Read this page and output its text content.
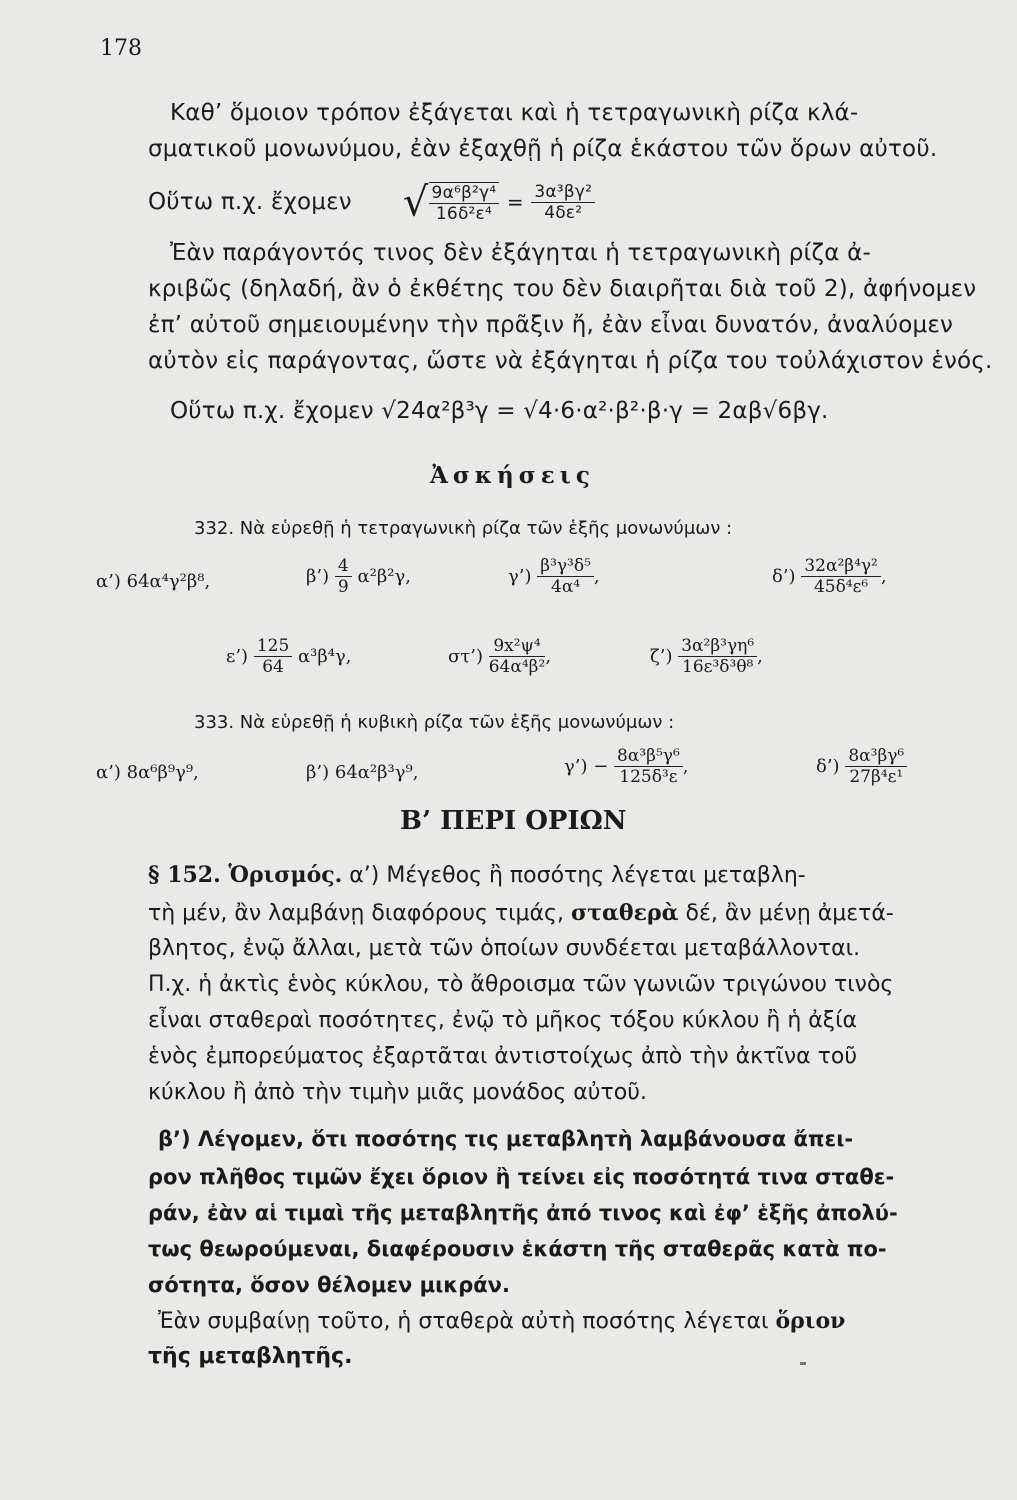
178
Καθ’ ὅμοιον τρόπον ἐξάγεται καὶ ἡ τετραγωνικὴ ρίζα κλά-
σματικοῦ μονωνύμου, ἐὰν ἐξαχθῇ ἡ ρίζα ἑκάστου τῶν ὅρων αὐτοῦ.
Οὕτω π.χ. ἔχομεν √ $\frac{\text{9α⁶β²γ⁴}}{\text{16δ²ε⁴}} = \frac{\text{3α³βγ²}}{\text{4δε²}}$
Ἐὰν παράγοντός τινος δὲν ἐξάγηται ἡ τετραγωνικὴ ρίζα ἀ-
κριβῶς (δηλαδή, ἂν ὁ ἐκθέτης του δὲν διαιρῆται διὰ τοῦ 2), ἀφήνομεν
ἐπ’ αὐτοῦ σημειουμένην τὴν πρᾶξιν ἤ, ἐὰν εἶναι δυνατόν, ἀναλύομεν
αὐτὸν εἰς παράγοντας, ὥστε νὰ ἐξάγηται ἡ ρίζα του τοὐλάχιστον ἑνός.
Οὕτω π.χ. ἔχομεν √24α²β³γ = √4·6·α²·β²·β·γ = 2αβ√6βγ.
Ἀσκήσεις
332. Νὰ εὑρεθῇ ἡ τετραγωνικὴ ρίζα τῶν ἑξῆς μονωνύμων :
α’) 64α⁴γ²β⁸,	β’) $\frac{4}{9} \alpha^2\beta^2\gamma$,	γ’) $\frac{\text{β³γ³δ⁵}}{\text{4α⁴}}$ ,	δ’) $\frac{\text{32α²β⁴γ²}}{\text{45δ⁴ε⁶}}$ ,
ε’) $\frac{125}{64} \alpha^3\beta^4\gamma$,	στ’) $\frac{\text{9x²ψ⁴}}{\text{64α⁴β²}}$ ,	ζ’) $\frac{\text{3α²β³γη⁶}}{\text{16ε³δ³θ⁸}}$ ,
333. Νὰ εὑρεθῇ ἡ κυβικὴ ρίζα τῶν ἑξῆς μονωνύμων :
α’) 8α⁶β⁹γ⁹,	β’) 64α²β³γ⁹,	γ’) − $\frac{\text{8α³β⁵γ⁶}}{\text{125δ³ε}}$ ,	δ’) $\frac{\text{8α³βγ⁶}}{\text{27β⁴ε¹}}$
Β’ ΠΕΡΙ ΟΡΙΩΝ
§ 152. Ὁρισμός. α’) Μέγεθος ἢ ποσότης λέγεται μεταβλη-
τὴ μέν, ἂν λαμβάνῃ διαφόρους τιμάς, σταθερὰ δέ, ἂν μένῃ ἀμετά-
βλητος, ἐνῷ ἄλλαι, μετὰ τῶν ὁποίων συνδέεται μεταβάλλονται.
Π.χ. ἡ ἀκτὶς ἑνὸς κύκλου, τὸ ἄθροισμα τῶν γωνιῶν τριγώνου τινὸς
εἶναι σταθεραὶ ποσότητες, ἐνῷ τὸ μῆκος τόξου κύκλου ἢ ἡ ἀξία
ἑνὸς ἐμπορεύματος ἐξαρτᾶται ἀντιστοίχως ἀπὸ τὴν ἀκτῖνα τοῦ
κύκλου ἢ ἀπὸ τὴν τιμὴν μιᾶς μονάδος αὐτοῦ.
β’) Λέγομεν, ὅτι ποσότης τις μεταβλητὴ λαμβάνουσα ἄπει-
ρον πλῆθος τιμῶν ἔχει ὅριον ἢ τείνει εἰς ποσότητά τινα σταθε-
ράν, ἐὰν αἱ τιμαὶ τῆς μεταβλητῆς ἀπό τινος καὶ ἐφ’ ἑξῆς ἀπολύ-
τως θεωρούμεναι, διαφέρουσιν ἑκάστη τῆς σταθερᾶς κατὰ πο-
σότητα, ὅσον θέλομεν μικράν.
Ἐὰν συμβαίνῃ τοῦτο, ἡ σταθερὰ αὐτὴ ποσότης λέγεται ὅριον
τῆς μεταβλητῆς.
